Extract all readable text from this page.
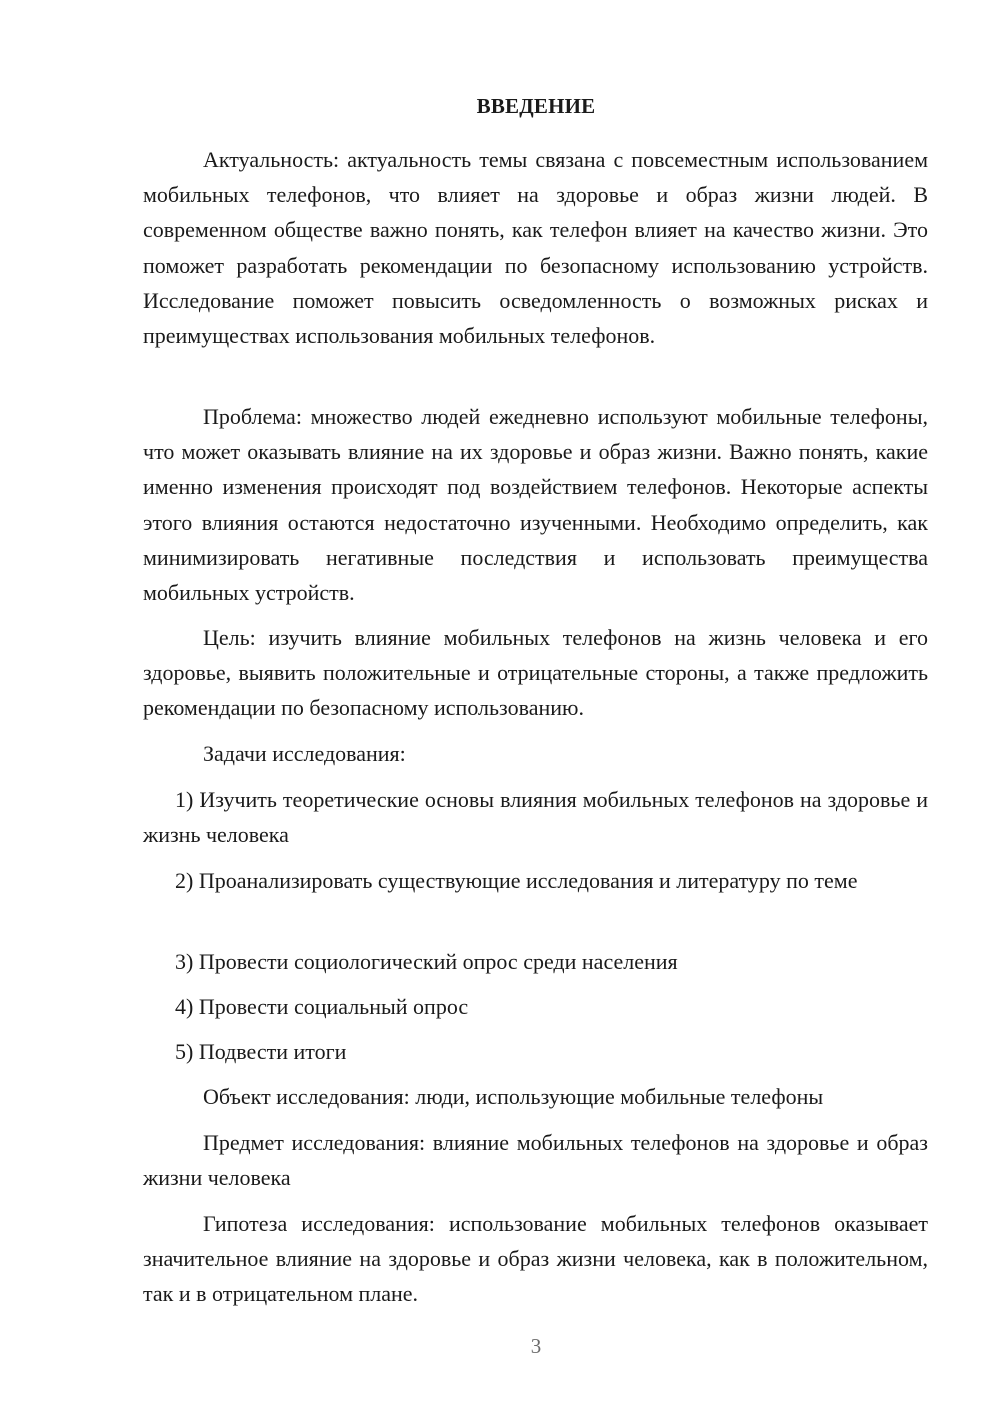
ВВЕДЕНИЕ

Актуальность: актуальность темы связана с повсеместным использованием мобильных телефонов, что влияет на здоровье и образ жизни людей. В современном обществе важно понять, как телефон влияет на качество жизни. Это поможет разработать рекомендации по безопасному использованию устройств. Исследование поможет повысить осведомленность о возможных рисках и преимуществах использования мобильных телефонов.

Проблема: множество людей ежедневно используют мобильные телефоны, что может оказывать влияние на их здоровье и образ жизни. Важно понять, какие именно изменения происходят под воздействием телефонов. Некоторые аспекты этого влияния остаются недостаточно изученными. Необходимо определить, как минимизировать негативные последствия и использовать преимущества мобильных устройств.

Цель: изучить влияние мобильных телефонов на жизнь человека и его здоровье, выявить положительные и отрицательные стороны, а также предложить рекомендации по безопасному использованию.

Задачи исследования:

1) Изучить теоретические основы влияния мобильных телефонов на здоровье и жизнь человека

2) Проанализировать существующие исследования и литературу по теме

3) Провести социологический опрос среди населения

4) Провести социальный опрос

5) Подвести итоги

Объект исследования: люди, использующие мобильные телефоны

Предмет исследования: влияние мобильных телефонов на здоровье и образ жизни человека

Гипотеза исследования: использование мобильных телефонов оказывает значительное влияние на здоровье и образ жизни человека, как в положительном, так и в отрицательном плане.

3
